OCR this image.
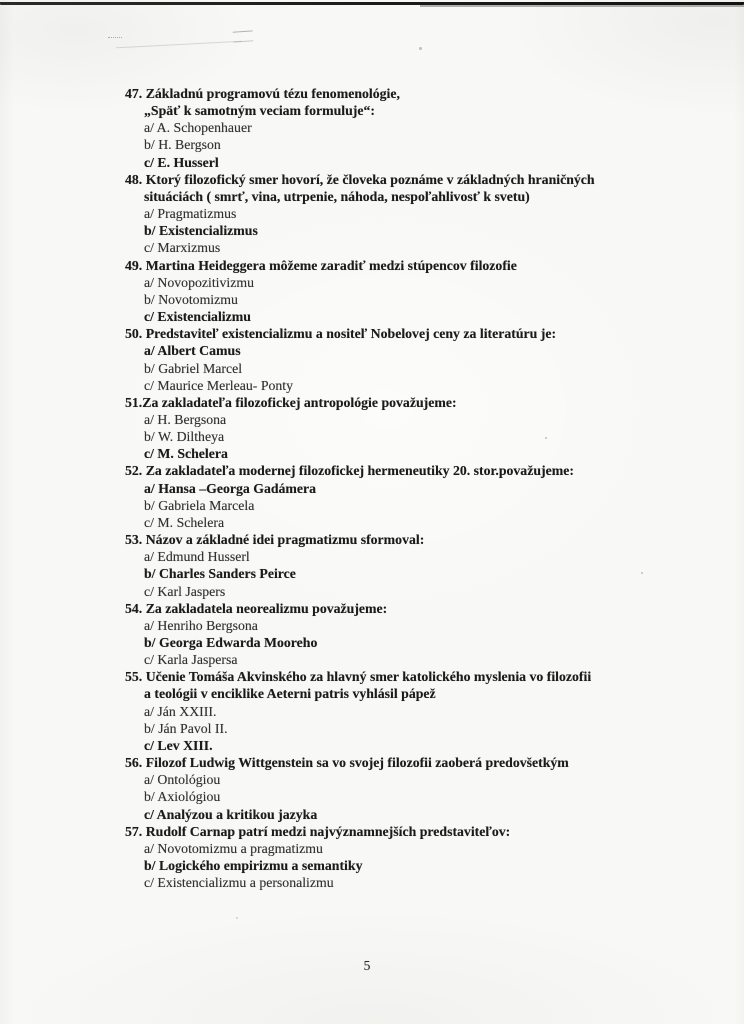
47. Základnú programovú tézu fenomenológie,
„Späť k samotným veciam formuluje“:
a/ A. Schopenhauer
b/ H. Bergson
c/ E. Husserl
48. Ktorý filozofický smer hovorí, že človeka poznáme v základných hraničných
situáciách ( smrť, vina, utrpenie, náhoda, nespoľahlivosť k svetu)
a/ Pragmatizmus
b/ Existencializmus
c/ Marxizmus
49. Martina Heideggera môžeme zaradiť medzi stúpencov filozofie
a/ Novopozitivizmu
b/ Novotomizmu
c/ Existencializmu
50. Predstaviteľ existencializmu a nositeľ Nobelovej ceny za literatúru je:
a/ Albert Camus
b/ Gabriel Marcel
c/ Maurice Merleau- Ponty
51.Za zakladateľa filozofickej antropológie považujeme:
a/ H. Bergsona
b/ W. Diltheya
c/ M. Schelera
52. Za zakladateľa modernej filozofickej hermeneutiky 20. stor.považujeme:
a/ Hansa –Georga Gadámera
b/ Gabriela Marcela
c/ M. Schelera
53. Názov a základné idei pragmatizmu sformoval:
a/ Edmund Husserl
b/ Charles Sanders Peirce
c/ Karl Jaspers
54. Za zakladatela neorealizmu považujeme:
a/ Henriho Bergsona
b/ Georga Edwarda Mooreho
c/ Karla Jaspersa
55. Učenie Tomáša Akvinského za hlavný smer katolického myslenia vo filozofii
a teológii v enciklike Aeterni patris vyhlásil pápež
a/ Ján XXIII.
b/ Ján Pavol II.
c/ Lev XIII.
56. Filozof Ludwig Wittgenstein sa vo svojej filozofii zaoberá predovšetkým
a/ Ontológiou
b/ Axiológiou
c/ Analýzou a kritikou jazyka
57. Rudolf Carnap patrí medzi najvýznamnejších predstaviteľov:
a/ Novotomizmu a pragmatizmu
b/ Logického empirizmu a semantiky
c/ Existencializmu a personalizmu
5
